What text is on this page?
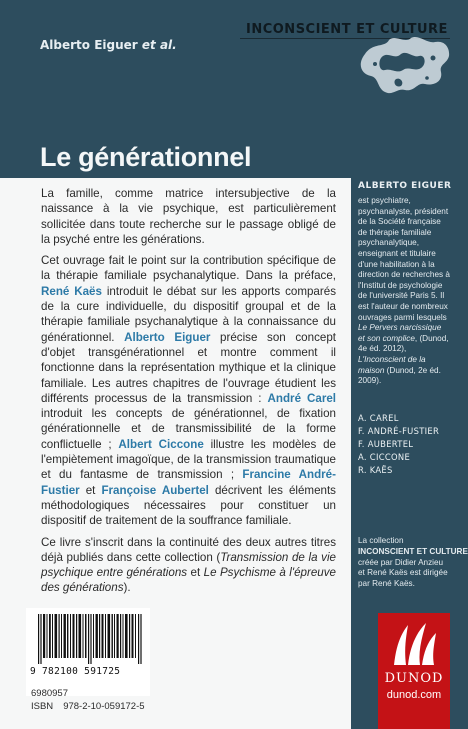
INCONSCIENT ET CULTURE
Alberto Eiguer et al.
Le générationnel

La famille, comme matrice intersubjective de la naissance à la vie psychique, est particulièrement sollicitée dans toute recherche sur le passage obligé de la psyché entre les générations.

Cet ouvrage fait le point sur la contribution spécifique de la thérapie familiale psychanalytique. Dans la préface, René Kaës introduit le débat sur les apports comparés de la cure individuelle, du dispositif groupal et de la thérapie familiale psychanalytique à la connaissance du générationnel. Alberto Eiguer précise son concept d'objet transgénérationnel et montre comment il fonctionne dans la représentation mythique et la clinique familiale. Les autres chapitres de l'ouvrage étudient les différents processus de la transmission : André Carel introduit les concepts de générationnel, de fixation générationnelle et de transmissibilité de la forme conflictuelle ; Albert Ciccone illustre les modèles de l'empiètement imagoïque, de la transmission traumatique et du fantasme de transmission ; Francine André-Fustier et Françoise Aubertel décrivent les éléments méthodologiques nécessaires pour constituer un dispositif de traitement de la souffrance familiale.

Ce livre s'inscrit dans la continuité des deux autres titres déjà publiés dans cette collection (Transmission de la vie psychique entre générations et Le Psychisme à l'épreuve des générations).

ALBERTO EIGUER
est psychiatre, psychanalyste, président de la Société française de thérapie familiale psychanalytique, enseignant et titulaire d'une habilitation à la direction de recherches à l'Institut de psychologie de l'université Paris 5. Il est l'auteur de nombreux ouvrages parmi lesquels Le Pervers narcissique et son complice, (Dunod, 4e éd. 2012), L'Inconscient de la maison (Dunod, 2e éd. 2009).
A. CAREL
F. ANDRÉ-FUSTIER
F. AUBERTEL
A. CICCONE
R. KAËS
La collection
INCONSCIENT ET CULTURE
créée par Didier Anzieu et René Kaës est dirigée par René Kaës.
9 782100 591725
6980957
ISBN 978-2-10-059172-5
DUNOD
dunod.com
